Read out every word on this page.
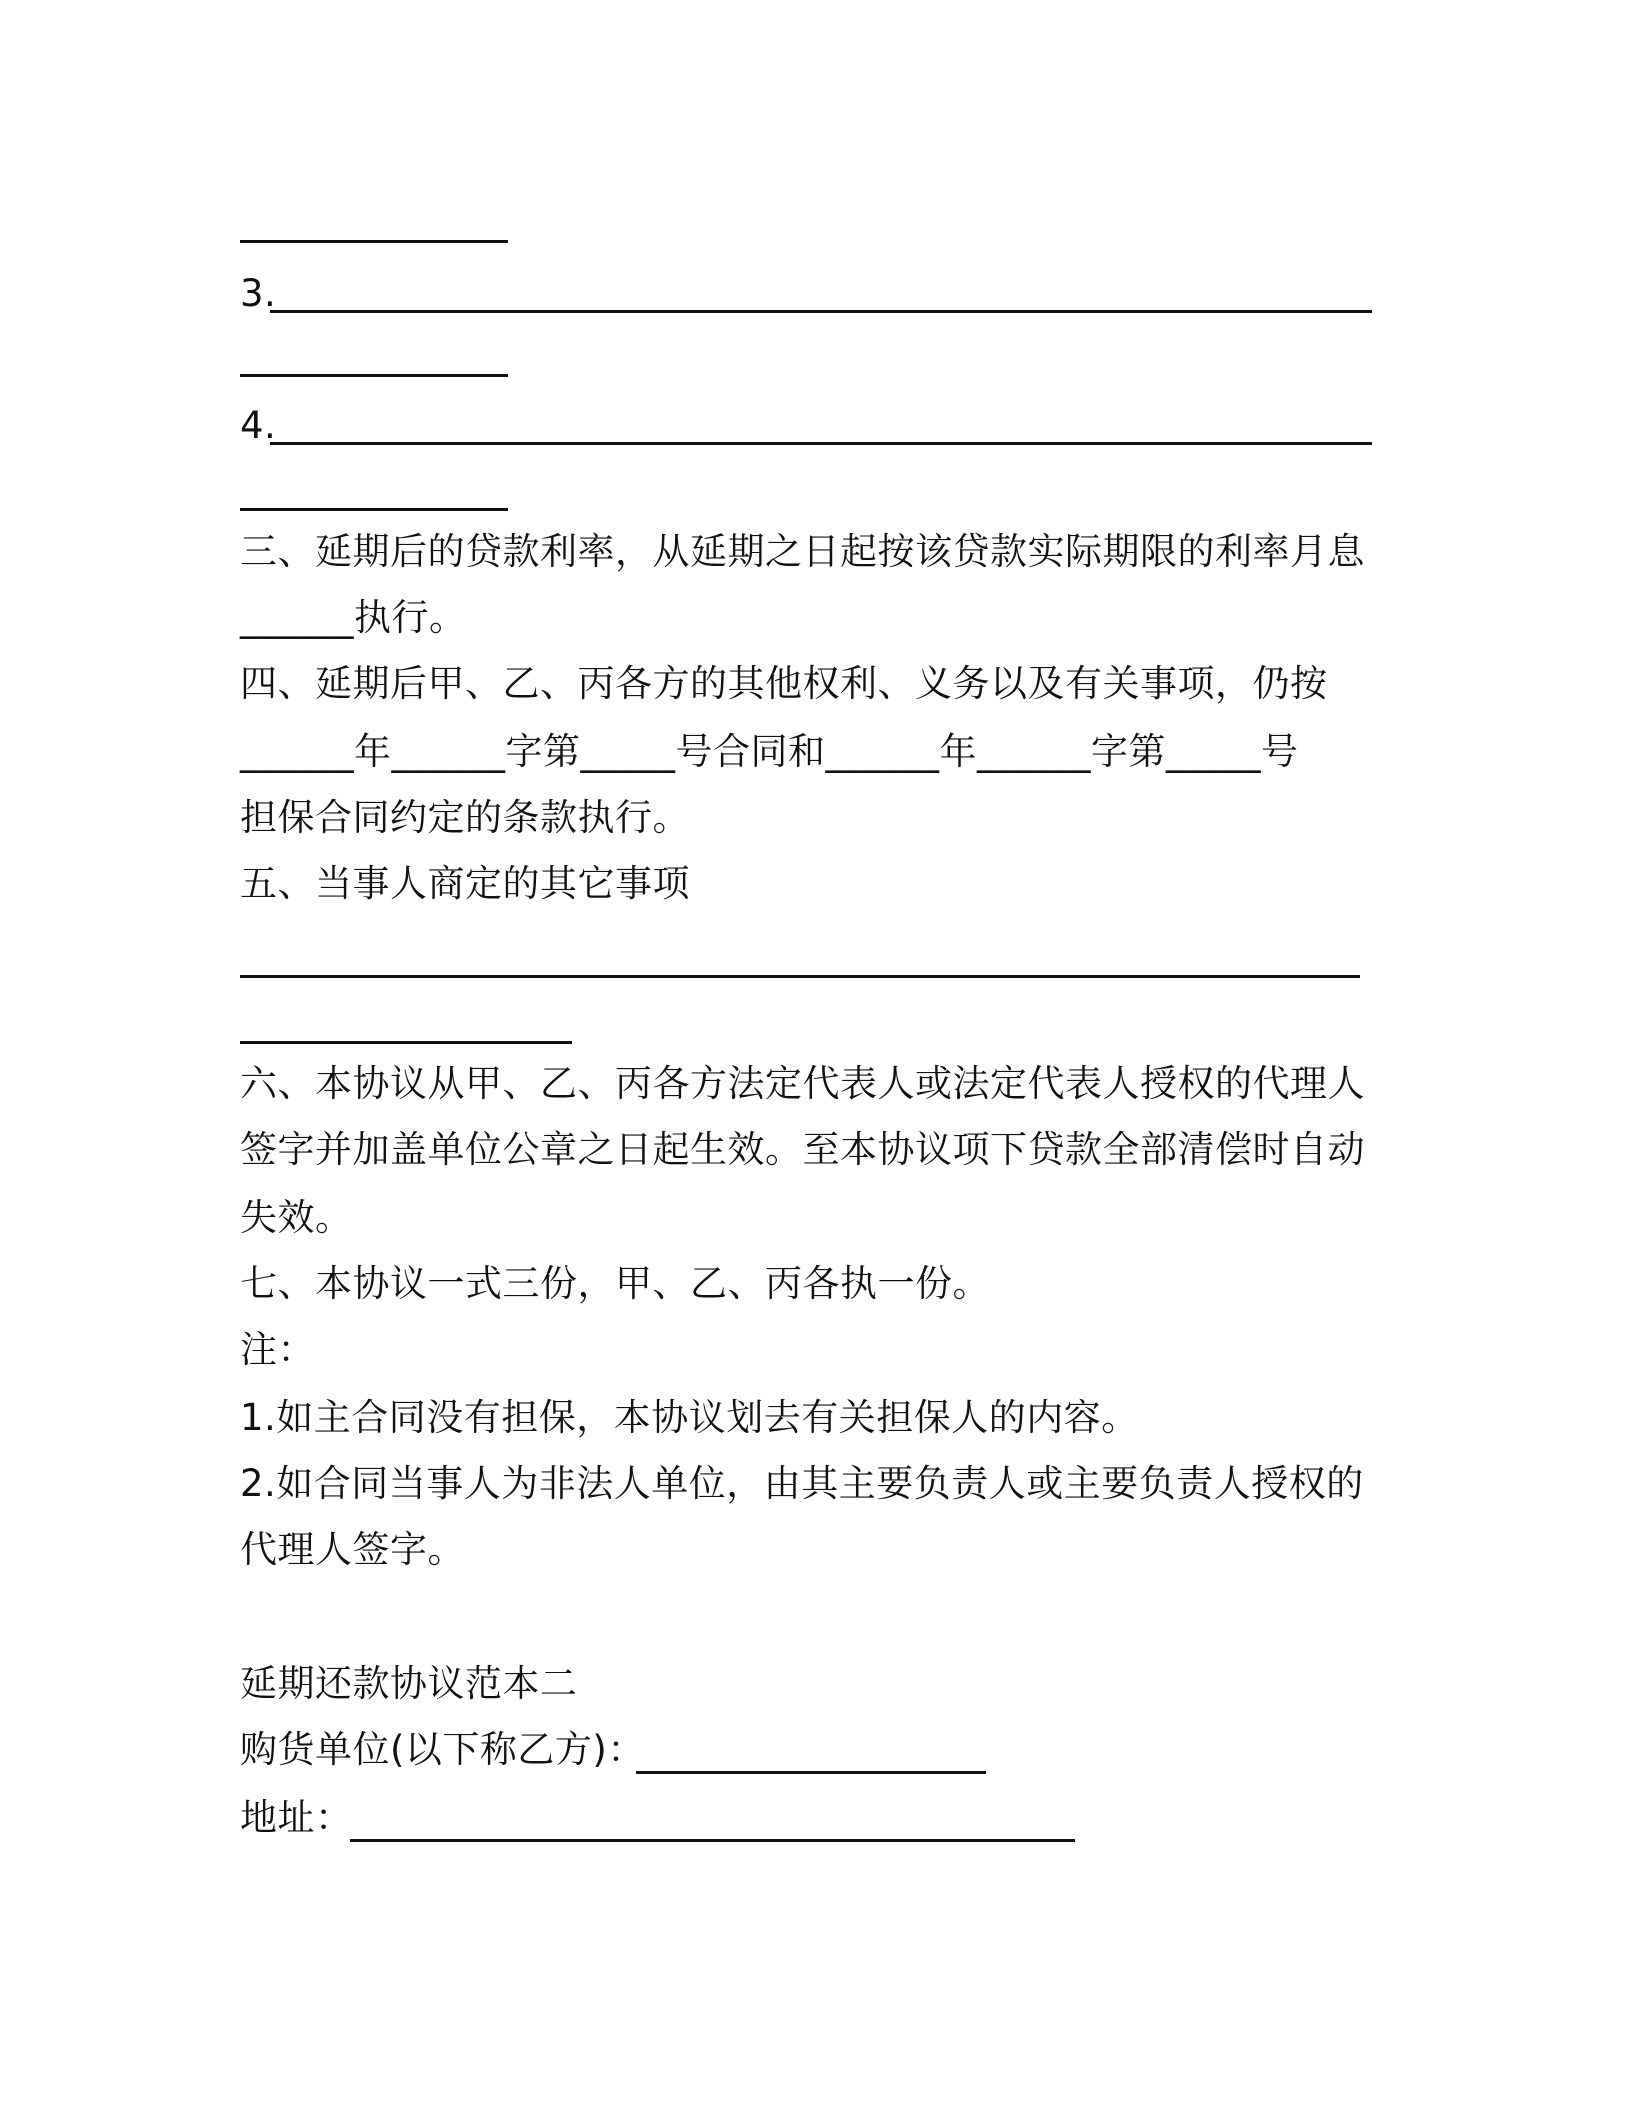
3.
4.
三、延期后的贷款利率，从延期之日起按该贷款实际期限的利率月息
______执行。
四、延期后甲、乙、丙各方的其他权利、义务以及有关事项，仍按
______年______字第_____号合同和______年______字第_____号
担保合同约定的条款执行。
五、当事人商定的其它事项
六、本协议从甲、乙、丙各方法定代表人或法定代表人授权的代理人
签字并加盖单位公章之日起生效。至本协议项下贷款全部清偿时自动
失效。
七、本协议一式三份，甲、乙、丙各执一份。
注：
1.如主合同没有担保，本协议划去有关担保人的内容。
2.如合同当事人为非法人单位，由其主要负责人或主要负责人授权的
代理人签字。
延期还款协议范本二
购货单位(以下称乙方)：
地址：
